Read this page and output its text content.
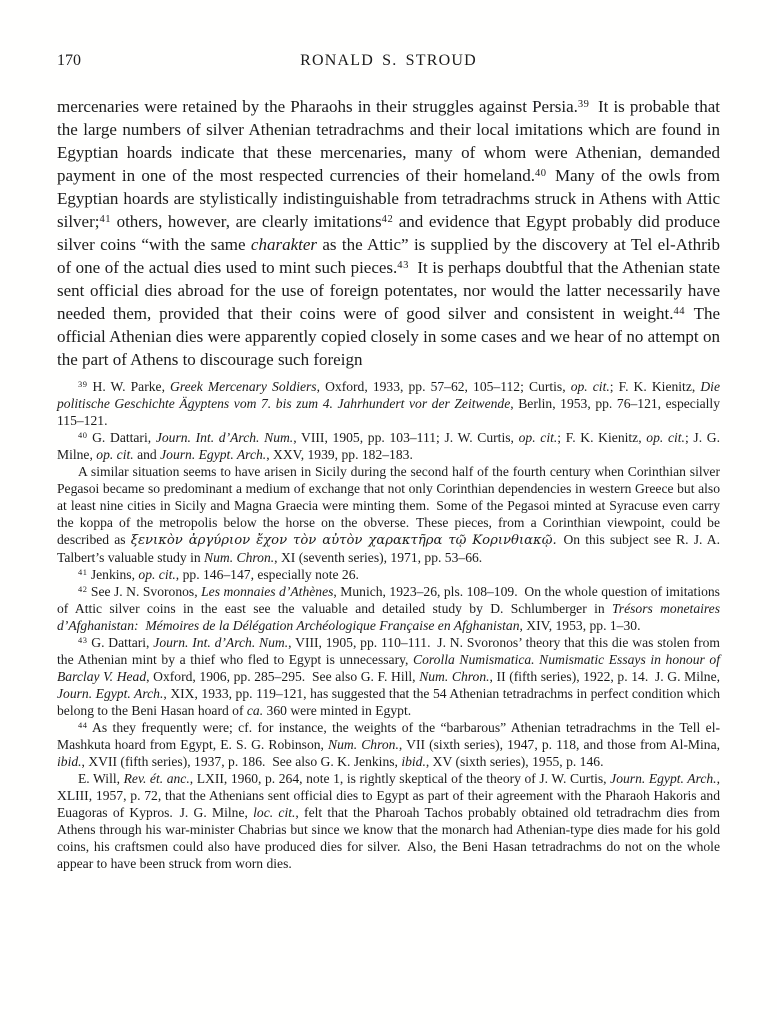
170	RONALD S. STROUD

mercenaries were retained by the Pharaohs in their struggles against Persia.$^{39}$ It is probable that the large numbers of silver Athenian tetradrachms and their local imitations which are found in Egyptian hoards indicate that these mercenaries, many of whom were Athenian, demanded payment in one of the most respected currencies of their homeland.$^{40}$ Many of the owls from Egyptian hoards are stylistically indistinguishable from tetradrachms struck in Athens with Attic silver;$^{41}$ others, however, are clearly imitations$^{42}$ and evidence that Egypt probably did produce silver coins “with the same charakter as the Attic” is supplied by the discovery at Tel el-Athrib of one of the actual dies used to mint such pieces.$^{43}$ It is perhaps doubtful that the Athenian state sent official dies abroad for the use of foreign potentates, nor would the latter necessarily have needed them, provided that their coins were of good silver and consistent in weight.$^{44}$ The official Athenian dies were apparently copied closely in some cases and we hear of no attempt on the part of Athens to discourage such foreign

$^{39}$ H. W. Parke, Greek Mercenary Soldiers, Oxford, 1933, pp. 57–62, 105–112; Curtis, op. cit.; F. K. Kienitz, Die politische Geschichte Ägyptens vom 7. bis zum 4. Jahrhundert vor der Zeitwende, Berlin, 1953, pp. 76–121, especially 115–121.

$^{40}$ G. Dattari, Journ. Int. d’Arch. Num., VIII, 1905, pp. 103–111; J. W. Curtis, op. cit.; F. K. Kienitz, op. cit.; J. G. Milne, op. cit. and Journ. Egypt. Arch., XXV, 1939, pp. 182–183.

A similar situation seems to have arisen in Sicily during the second half of the fourth century when Corinthian silver Pegasoi became so predominant a medium of exchange that not only Corinthian dependencies in western Greece but also at least nine cities in Sicily and Magna Graecia were minting them. Some of the Pegasoi minted at Syracuse even carry the koppa of the metropolis below the horse on the obverse. These pieces, from a Corinthian viewpoint, could be described as ξενικὸν ἀργύριον ἔχον τὸν αὐτὸν χαρακτῆρα τῷ Κορινθιακῷ. On this subject see R. J. A. Talbert’s valuable study in Num. Chron., XI (seventh series), 1971, pp. 53–66.

$^{41}$ Jenkins, op. cit., pp. 146–147, especially note 26.

$^{42}$ See J. N. Svoronos, Les monnaies d’Athènes, Munich, 1923–26, pls. 108–109. On the whole question of imitations of Attic silver coins in the east see the valuable and detailed study by D. Schlumberger in Trésors monetaires d’Afghanistan: Mémoires de la Délégation Archéologique Française en Afghanistan, XIV, 1953, pp. 1–30.

$^{43}$ G. Dattari, Journ. Int. d’Arch. Num., VIII, 1905, pp. 110–111. J. N. Svoronos’ theory that this die was stolen from the Athenian mint by a thief who fled to Egypt is unnecessary, Corolla Numismatica. Numismatic Essays in honour of Barclay V. Head, Oxford, 1906, pp. 285–295. See also G. F. Hill, Num. Chron., II (fifth series), 1922, p. 14. J. G. Milne, Journ. Egypt. Arch., XIX, 1933, pp. 119–121, has suggested that the 54 Athenian tetradrachms in perfect condition which belong to the Beni Hasan hoard of ca. 360 were minted in Egypt.

$^{44}$ As they frequently were; cf. for instance, the weights of the “barbarous” Athenian tetradrachms in the Tell el-Mashkuta hoard from Egypt, E. S. G. Robinson, Num. Chron., VII (sixth series), 1947, p. 118, and those from Al-Mina, ibid., XVII (fifth series), 1937, p. 186. See also G. K. Jenkins, ibid., XV (sixth series), 1955, p. 146.

E. Will, Rev. ét. anc., LXII, 1960, p. 264, note 1, is rightly skeptical of the theory of J. W. Curtis, Journ. Egypt. Arch., XLIII, 1957, p. 72, that the Athenians sent official dies to Egypt as part of their agreement with the Pharaoh Hakoris and Euagoras of Kypros. J. G. Milne, loc. cit., felt that the Pharoah Tachos probably obtained old tetradrachm dies from Athens through his war-minister Chabrias but since we know that the monarch had Athenian-type dies made for his gold coins, his craftsmen could also have produced dies for silver. Also, the Beni Hasan tetradrachms do not on the whole appear to have been struck from worn dies.
